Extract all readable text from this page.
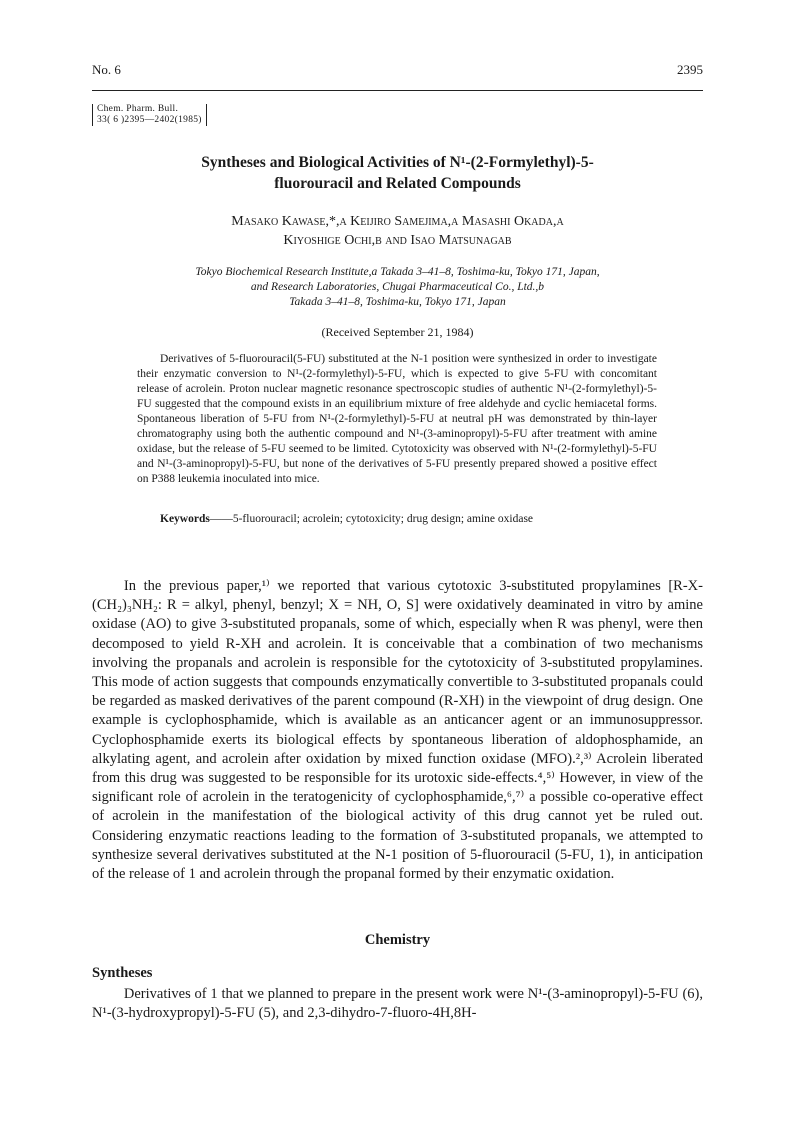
No. 6	2395
Chem. Pharm. Bull.
33( 6 )2395—2402(1985)
Syntheses and Biological Activities of N¹-(2-Formylethyl)-5-
fluorouracil and Related Compounds
Masako Kawase,*,a Keijiro Samejima,a Masashi Okada,a
Kiyoshige Ochi,b and Isao Matsunagab
Tokyo Biochemical Research Institute,a Takada 3–41–8, Toshima-ku, Tokyo 171, Japan,
and Research Laboratories, Chugai Pharmaceutical Co., Ltd.,b
Takada 3–41–8, Toshima-ku, Tokyo 171, Japan
(Received September 21, 1984)

Derivatives of 5-fluorouracil(5-FU) substituted at the N-1 position were synthesized in order to investigate their enzymatic conversion to N¹-(2-formylethyl)-5-FU, which is expected to give 5-FU with concomitant release of acrolein. Proton nuclear magnetic resonance spectroscopic studies of authentic N¹-(2-formylethyl)-5-FU suggested that the compound exists in an equilibrium mixture of free aldehyde and cyclic hemiacetal forms. Spontaneous liberation of 5-FU from N¹-(2-formylethyl)-5-FU at neutral pH was demonstrated by thin-layer chromatography using both the authentic compound and N¹-(3-aminopropyl)-5-FU after treatment with amine oxidase, but the release of 5-FU seemed to be limited. Cytotoxicity was observed with N¹-(2-formylethyl)-5-FU and N¹-(3-aminopropyl)-5-FU, but none of the derivatives of 5-FU presently prepared showed a positive effect on P388 leukemia inoculated into mice.

Keywords——5-fluorouracil; acrolein; cytotoxicity; drug design; amine oxidase

In the previous paper,¹⁾ we reported that various cytotoxic 3-substituted propylamines [R-X-(CH₂)₃NH₂: R = alkyl, phenyl, benzyl; X = NH, O, S] were oxidatively deaminated in vitro by amine oxidase (AO) to give 3-substituted propanals, some of which, especially when R was phenyl, were then decomposed to yield R-XH and acrolein. It is conceivable that a combination of two mechanisms involving the propanals and acrolein is responsible for the cytotoxicity of 3-substituted propylamines. This mode of action suggests that compounds enzymatically convertible to 3-substituted propanals could be regarded as masked derivatives of the parent compound (R-XH) in the viewpoint of drug design. One example is cyclophosphamide, which is available as an anticancer agent or an immunosuppressor. Cyclophosphamide exerts its biological effects by spontaneous liberation of aldophosphamide, an alkylating agent, and acrolein after oxidation by mixed function oxidase (MFO).²,³⁾ Acrolein liberated from this drug was suggested to be responsible for its urotoxic side-effects.⁴,⁵⁾ However, in view of the significant role of acrolein in the teratogenicity of cyclophosphamide,⁶,⁷⁾ a possible co-operative effect of acrolein in the manifestation of the biological activity of this drug cannot yet be ruled out. Considering enzymatic reactions leading to the formation of 3-substituted propanals, we attempted to synthesize several derivatives substituted at the N-1 position of 5-fluorouracil (5-FU, 1), in anticipation of the release of 1 and acrolein through the propanal formed by their enzymatic oxidation.

Chemistry
Syntheses

Derivatives of 1 that we planned to prepare in the present work were N¹-(3-aminopropyl)-5-FU (6), N¹-(3-hydroxypropyl)-5-FU (5), and 2,3-dihydro-7-fluoro-4H,8H-
